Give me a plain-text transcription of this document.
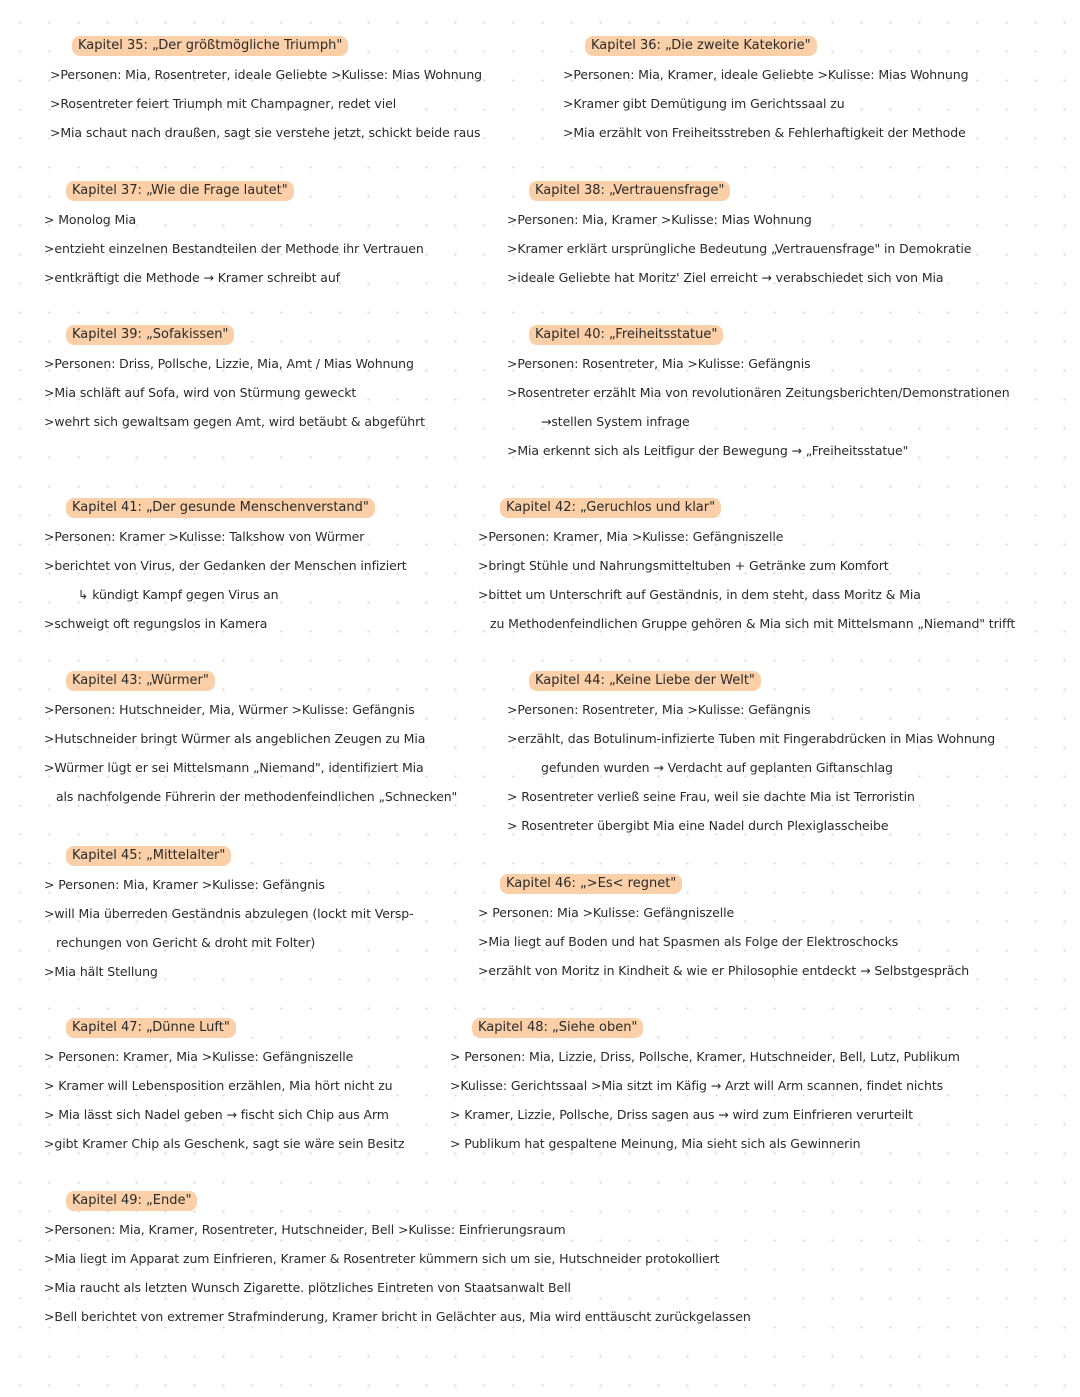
Kapitel 35: „Der größtmögliche Triumph"
>Personen: Mia, Rosentreter, ideale Geliebte >Kulisse: Mias Wohnung
>Rosentreter feiert Triumph mit Champagner, redet viel
>Mia schaut nach draußen, sagt sie verstehe jetzt, schickt beide raus
Kapitel 36: „Die zweite Katekorie"
>Personen: Mia, Kramer, ideale Geliebte >Kulisse: Mias Wohnung
>Kramer gibt Demütigung im Gerichtssaal zu
>Mia erzählt von Freiheitsstreben & Fehlerhaftigkeit der Methode
Kapitel 37: „Wie die Frage lautet"
> Monolog Mia
>entzieht einzelnen Bestandteilen der Methode ihr Vertrauen
>entkräftigt die Methode → Kramer schreibt auf
Kapitel 38: „Vertrauensfrage"
>Personen: Mia, Kramer >Kulisse: Mias Wohnung
>Kramer erklärt ursprüngliche Bedeutung „Vertrauensfrage" in Demokratie
>ideale Geliebte hat Moritz' Ziel erreicht → verabschiedet sich von Mia
Kapitel 39: „Sofakissen"
>Personen: Driss, Pollsche, Lizzie, Mia, Amt / Mias Wohnung
>Mia schläft auf Sofa, wird von Stürmung geweckt
>wehrt sich gewaltsam gegen Amt, wird betäubt & abgeführt
Kapitel 40: „Freiheitsstatue"
>Personen: Rosentreter, Mia >Kulisse: Gefängnis
>Rosentreter erzählt Mia von revolutionären Zeitungsberichten/Demonstrationen
→stellen System infrage
>Mia erkennt sich als Leitfigur der Bewegung → „Freiheitsstatue"
Kapitel 41: „Der gesunde Menschenverstand"
>Personen: Kramer >Kulisse: Talkshow von Würmer
>berichtet von Virus, der Gedanken der Menschen infiziert
↳ kündigt Kampf gegen Virus an
>schweigt oft regungslos in Kamera
Kapitel 42: „Geruchlos und klar"
>Personen: Kramer, Mia >Kulisse: Gefängniszelle
>bringt Stühle und Nahrungsmitteltuben + Getränke zum Komfort
>bittet um Unterschrift auf Geständnis, in dem steht, dass Moritz & Mia
zu Methodenfeindlichen Gruppe gehören & Mia sich mit Mittelsmann „Niemand" trifft
Kapitel 43: „Würmer"
>Personen: Hutschneider, Mia, Würmer >Kulisse: Gefängnis
>Hutschneider bringt Würmer als angeblichen Zeugen zu Mia
>Würmer lügt er sei Mittelsmann „Niemand", identifiziert Mia
als nachfolgende Führerin der methodenfeindlichen „Schnecken"
Kapitel 44: „Keine Liebe der Welt"
>Personen: Rosentreter, Mia >Kulisse: Gefängnis
>erzählt, das Botulinum-infizierte Tuben mit Fingerabdrücken in Mias Wohnung
gefunden wurden → Verdacht auf geplanten Giftanschlag
> Rosentreter verließ seine Frau, weil sie dachte Mia ist Terroristin
> Rosentreter übergibt Mia eine Nadel durch Plexiglasscheibe
Kapitel 45: „Mittelalter"
> Personen: Mia, Kramer >Kulisse: Gefängnis
>will Mia überreden Geständnis abzulegen (lockt mit Versp-
rechungen von Gericht & droht mit Folter)
>Mia hält Stellung
Kapitel 46: „>Es< regnet"
> Personen: Mia >Kulisse: Gefängniszelle
>Mia liegt auf Boden und hat Spasmen als Folge der Elektroschocks
>erzählt von Moritz in Kindheit & wie er Philosophie entdeckt → Selbstgespräch
Kapitel 47: „Dünne Luft"
> Personen: Kramer, Mia >Kulisse: Gefängniszelle
> Kramer will Lebensposition erzählen, Mia hört nicht zu
> Mia lässt sich Nadel geben → fischt sich Chip aus Arm
>gibt Kramer Chip als Geschenk, sagt sie wäre sein Besitz
Kapitel 48: „Siehe oben"
> Personen: Mia, Lizzie, Driss, Pollsche, Kramer, Hutschneider, Bell, Lutz, Publikum
>Kulisse: Gerichtssaal >Mia sitzt im Käfig → Arzt will Arm scannen, findet nichts
> Kramer, Lizzie, Pollsche, Driss sagen aus → wird zum Einfrieren verurteilt
> Publikum hat gespaltene Meinung, Mia sieht sich als Gewinnerin
Kapitel 49: „Ende"
>Personen: Mia, Kramer, Rosentreter, Hutschneider, Bell >Kulisse: Einfrierungsraum
>Mia liegt im Apparat zum Einfrieren, Kramer & Rosentreter kümmern sich um sie, Hutschneider protokolliert
>Mia raucht als letzten Wunsch Zigarette. plötzliches Eintreten von Staatsanwalt Bell
>Bell berichtet von extremer Strafminderung, Kramer bricht in Gelächter aus, Mia wird enttäuscht zurückgelassen
